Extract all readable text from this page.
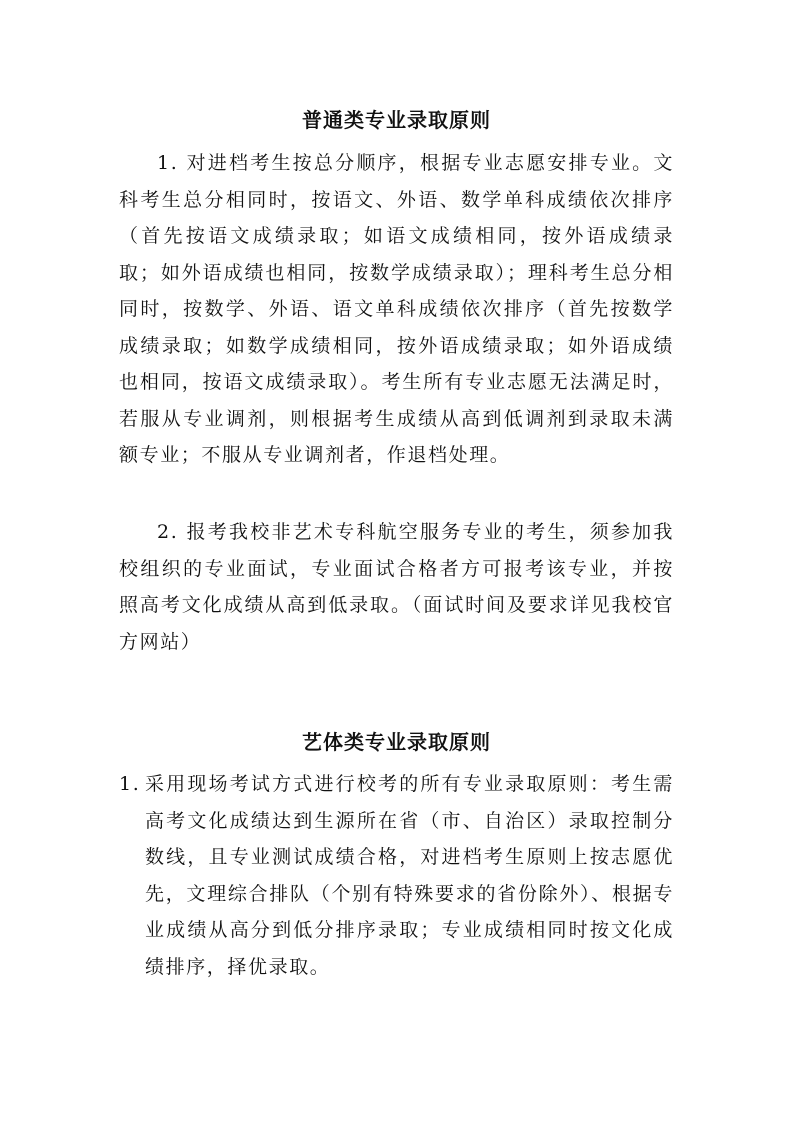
普通类专业录取原则

1. 对进档考生按总分顺序，根据专业志愿安排专业。文科考生总分相同时，按语文、外语、数学单科成绩依次排序（首先按语文成绩录取；如语文成绩相同，按外语成绩录取；如外语成绩也相同，按数学成绩录取）；理科考生总分相同时，按数学、外语、语文单科成绩依次排序（首先按数学成绩录取；如数学成绩相同，按外语成绩录取；如外语成绩也相同，按语文成绩录取）。考生所有专业志愿无法满足时，若服从专业调剂，则根据考生成绩从高到低调剂到录取未满额专业；不服从专业调剂者，作退档处理。

2. 报考我校非艺术专科航空服务专业的考生，须参加我校组织的专业面试，专业面试合格者方可报考该专业，并按照高考文化成绩从高到低录取。（面试时间及要求详见我校官方网站）

艺体类专业录取原则
1. 采用现场考试方式进行校考的所有专业录取原则：考生需高考文化成绩达到生源所在省（市、自治区）录取控制分数线，且专业测试成绩合格，对进档考生原则上按志愿优先，文理综合排队（个别有特殊要求的省份除外）、根据专业成绩从高分到低分排序录取；专业成绩相同时按文化成绩排序，择优录取。
